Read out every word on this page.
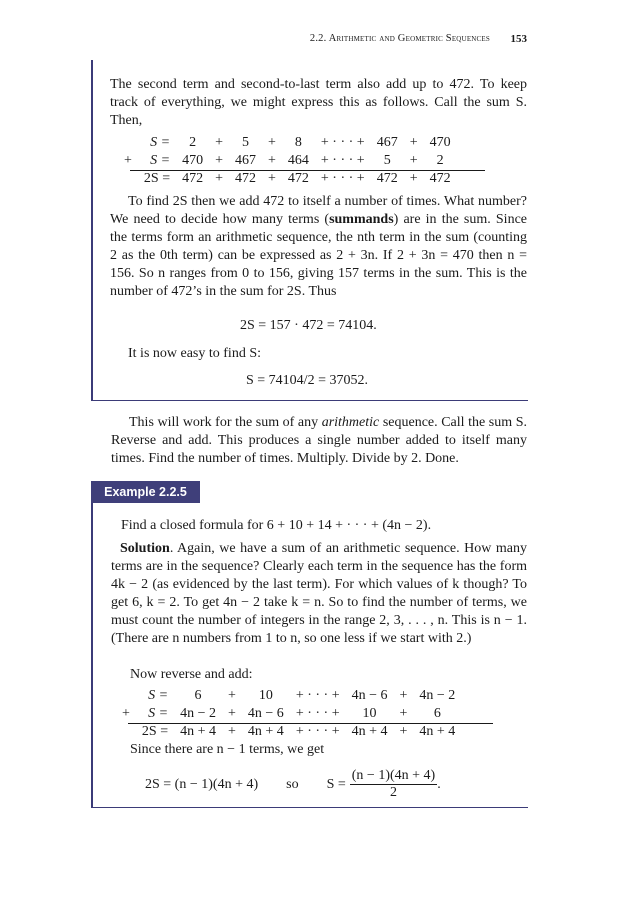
2.2. Arithmetic and Geometric Sequences 153
The second term and second-to-last term also add up to 472. To keep track of everything, we might express this as follows. Call the sum S. Then,
	S =	2	+	5	+	8	+ · · · +	467	+	470
+	S =	470	+	467	+	464	+ · · · +	5	+	2
	2S =	472	+	472	+	472	+ · · · +	472	+	472
To find 2S then we add 472 to itself a number of times. What number? We need to decide how many terms (summands) are in the sum. Since the terms form an arithmetic sequence, the nth term in the sum (counting 2 as the 0th term) can be expressed as 2 + 3n. If 2 + 3n = 470 then n = 156. So n ranges from 0 to 156, giving 157 terms in the sum. This is the number of 472’s in the sum for 2S. Thus
2S = 157 · 472 = 74104.
It is now easy to find S:
S = 74104/2 = 37052.
This will work for the sum of any arithmetic sequence. Call the sum S. Reverse and add. This produces a single number added to itself many times. Find the number of times. Multiply. Divide by 2. Done.
Example 2.2.5
Find a closed formula for 6 + 10 + 14 + · · · + (4n − 2).
Solution. Again, we have a sum of an arithmetic sequence. How many terms are in the sequence? Clearly each term in the sequence has the form 4k − 2 (as evidenced by the last term). For which values of k though? To get 6, k = 2. To get 4n − 2 take k = n. So to find the number of terms, we must count the number of integers in the range 2, 3, . . . , n. This is n − 1. (There are n numbers from 1 to n, so one less if we start with 2.)
Now reverse and add:
	S =	6	+	10	+ · · · +	4n − 6	+	4n − 2
+	S =	4n − 2	+	4n − 6	+ · · · +	10	+	6
	2S =	4n + 4	+	4n + 4	+ · · · +	4n + 4	+	4n + 4
Since there are n − 1 terms, we get
2S = (n − 1)(4n + 4) so $S = \frac{(n - 1)(4n + 4)}{2}$ .
